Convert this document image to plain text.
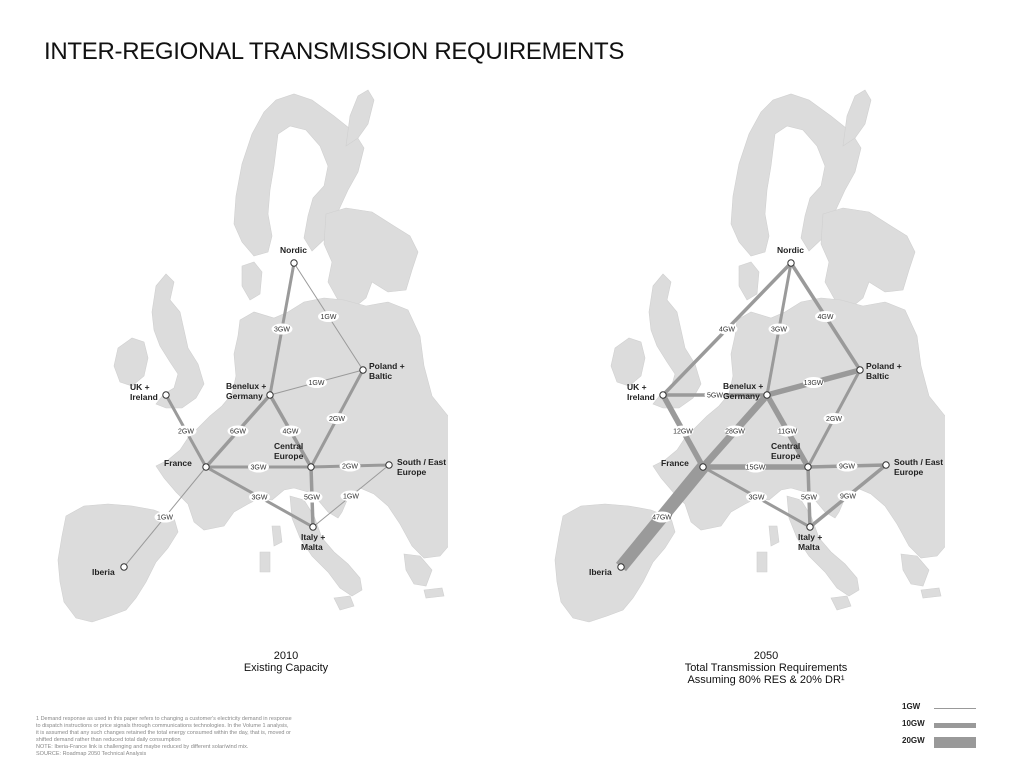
INTER-REGIONAL TRANSMISSION REQUIREMENTS
3GW
1GW
1GW
2GW	6GW	4GW
2GW
3GW	2GW
3GW	5GW	1GW
1GW
Nordic
Poland +
Baltic
Benelux +
Germany
UK +
Ireland
France
Central
Europe
South / East
Europe
Italy +
Malta
Iberia
4GW	3GW
4GW
5GW
13GW
12GW	28GW	11GW
2GW
15GW	9GW
3GW	5GW	9GW
47GW
Nordic
Poland +
Baltic
Benelux +
Germany
UK +
Ireland
France
Central
Europe
South / East
Europe
Italy +
Malta
Iberia
2010
Existing Capacity
2050
Total Transmission Requirements
Assuming 80% RES & 20% DR¹
1 Demand response as used in this paper refers to changing a customer's electricity demand in response
to dispatch instructions or price signals through communications technologies. In the Volume 1 analysis,
it is assumed that any such changes retained the total energy consumed within the day, that is, moved or
shifted demand rather than reduced total daily consumption
NOTE: Iberia-France link is challenging and maybe reduced by different solar/wind mix.
SOURCE: Roadmap 2050 Technical Analysis
1GW
10GW
20GW
